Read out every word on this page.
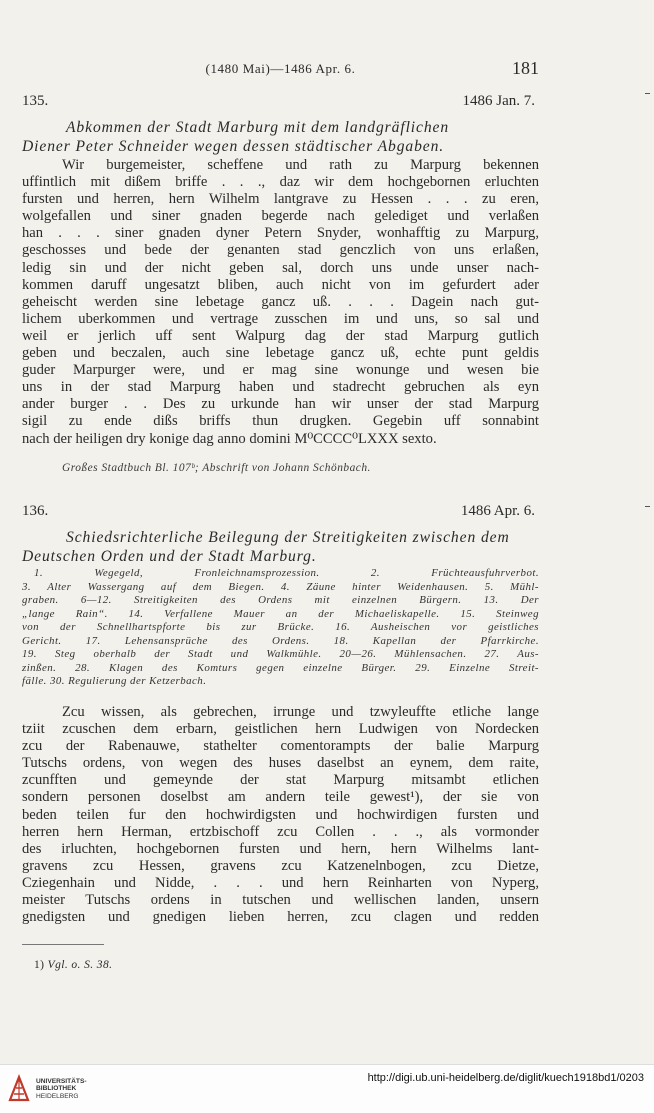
(1480 Mai)—1486 Apr. 6.	181
135.	1486 Jan. 7.
Abkommen der Stadt Marburg mit dem landgräflichen
Diener Peter Schneider wegen dessen städtischer Abgaben.
Wir burgemeister, scheffene und rath zu Marpurg bekennen
uffintlich mit dißem briffe . . ., daz wir dem hochgebornen erluchten
fursten und herren, hern Wilhelm lantgrave zu Hessen . . . zu eren,
wolgefallen und siner gnaden begerde nach gelediget und verlaßen
han . . . siner gnaden dyner Petern Snyder, wonhafftig zu Marpurg,
geschosses und bede der genanten stad genczlich von uns erlaßen,
ledig sin und der nicht geben sal, dorch uns unde unser nach-
kommen daruff ungesatzt bliben, auch nicht von im gefurdert ader
geheischt werden sine lebetage gancz uß. . . . Dagein nach gut-
lichem uberkommen und vertrage zusschen im und uns, so sal und
weil er jerlich uff sent Walpurg dag der stad Marpurg gutlich
geben und beczalen, auch sine lebetage gancz uß, echte punt geldis
guder Marpurger were, und er mag sine wonunge und wesen bie
uns in der stad Marpurg haben und stadrecht gebruchen als eyn
ander burger . . Des zu urkunde han wir unser der stad Marpurg
sigil zu ende dißs briffs thun drugken. Gegebin uff sonnabint
nach der heiligen dry konige dag anno domini M⁰CCCC⁰LXXX sexto.
Großes Stadtbuch Bl. 107ᵇ; Abschrift von Johann Schönbach.
136.	1486 Apr. 6.
Schiedsrichterliche Beilegung der Streitigkeiten zwischen dem
Deutschen Orden und der Stadt Marburg.
1. Wegegeld, Fronleichnamsprozession. 2. Früchteausfuhrverbot.
3. Alter Wassergang auf dem Biegen. 4. Zäune hinter Weidenhausen. 5. Mühl-
graben. 6—12. Streitigkeiten des Ordens mit einzelnen Bürgern. 13. Der
„lange Rain“. 14. Verfallene Mauer an der Michaeliskapelle. 15. Steinweg
von der Schnellhartspforte bis zur Brücke. 16. Ausheischen vor geistliches
Gericht. 17. Lehensansprüche des Ordens. 18. Kapellan der Pfarrkirche.
19. Steg oberhalb der Stadt und Walkmühle. 20—26. Mühlensachen. 27. Aus-
zinßen. 28. Klagen des Komturs gegen einzelne Bürger. 29. Einzelne Streit-
fälle. 30. Regulierung der Ketzerbach.
Zcu wissen, als gebrechen, irrunge und tzwyleuffte etliche lange
tziit zcuschen dem erbarn, geistlichen hern Ludwigen von Nordecken
zcu der Rabenauwe, stathelter comentorampts der balie Marpurg
Tutschs ordens, von wegen des huses daselbst an eynem, dem raite,
zcunfften und gemeynde der stat Marpurg mitsambt etlichen
sondern personen doselbst am andern teile gewest¹), der sie von
beden teilen fur den hochwirdigsten und hochwirdigen fursten und
herren hern Herman, ertzbischoff zcu Collen . . ., als vormonder
des irluchten, hochgebornen fursten und hern, hern Wilhelms lant-
gravens zcu Hessen, gravens zcu Katzenelnbogen, zcu Dietze,
Cziegenhain und Nidde, . . . und hern Reinharten von Nyperg,
meister Tutschs ordens in tutschen und wellischen landen, unsern
gnedigsten und gnedigen lieben herren, zcu clagen und redden
1) Vgl. o. S. 38.
UNIVERSITÄTS-
BIBLIOTHEK
HEIDELBERG
http://digi.ub.uni-heidelberg.de/diglit/kuech1918bd1/0203
